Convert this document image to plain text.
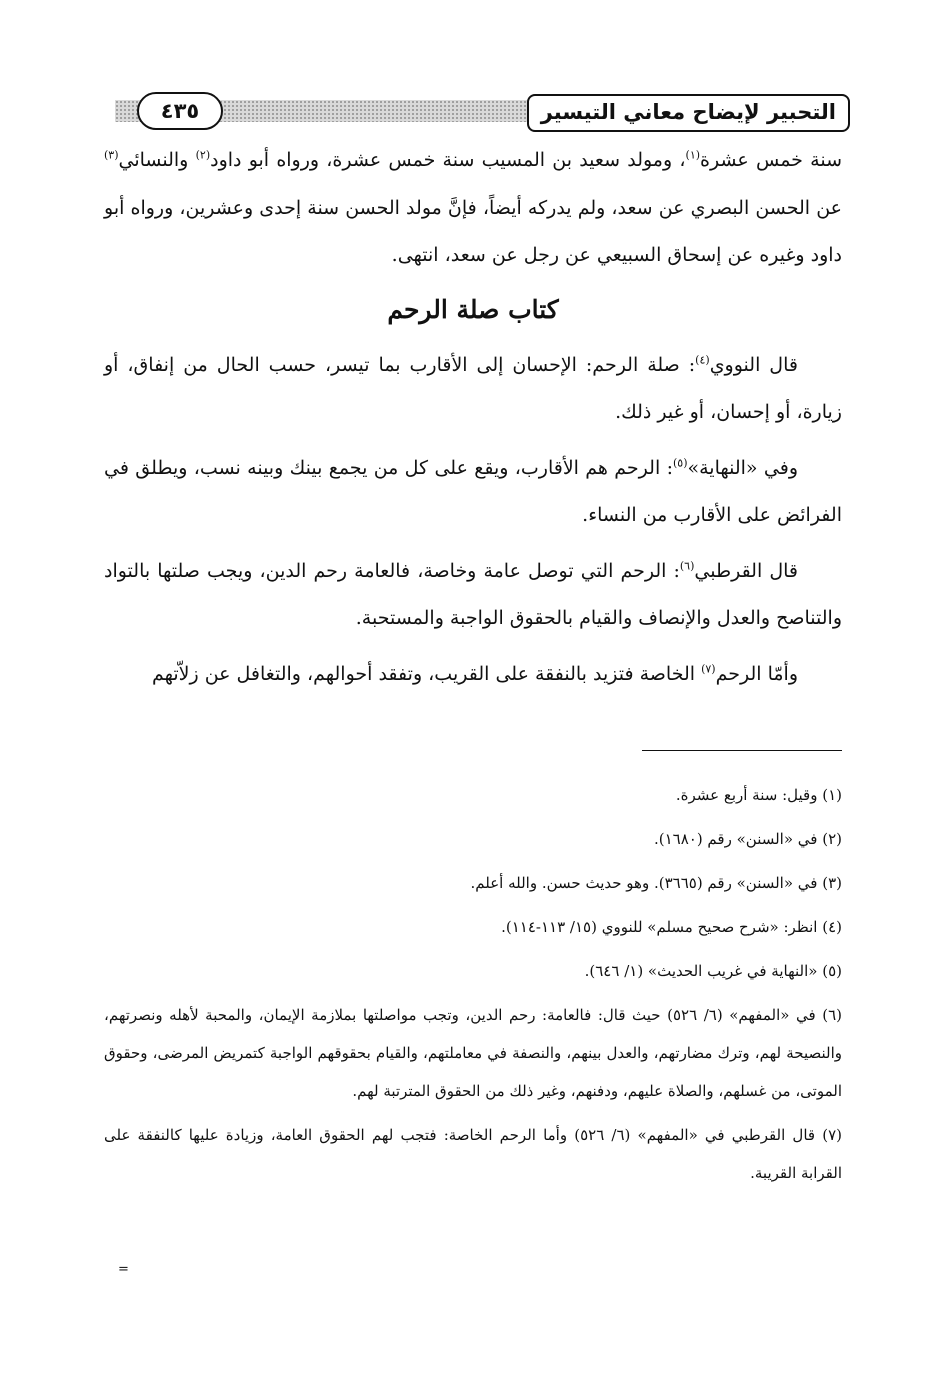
التحبير لإيضاح معاني التيسير
٤٣٥

سنة خمس عشرة$^{(١)}$، ومولد سعيد بن المسيب سنة خمس عشرة، ورواه أبو داود$^{(٢)}$ والنسائي$^{(٣)}$ عن الحسن البصري عن سعد، ولم يدركه أيضاً، فإنَّ مولد الحسن سنة إحدى وعشرين، ورواه أبو داود وغيره عن إسحاق السبيعي عن رجل عن سعد، انتهى.

كتاب صلة الرحم

قال النووي$^{(٤)}$: صلة الرحم: الإحسان إلى الأقارب بما تيسر، حسب الحال من إنفاق، أو زيارة، أو إحسان، أو غير ذلك.

وفي «النهاية»$^{(٥)}$: الرحم هم الأقارب، ويقع على كل من يجمع بينك وبينه نسب، ويطلق في الفرائض على الأقارب من النساء.

قال القرطبي$^{(٦)}$: الرحم التي توصل عامة وخاصة، فالعامة رحم الدين، ويجب صلتها بالتواد والتناصح والعدل والإنصاف والقيام بالحقوق الواجبة والمستحبة.

وأمّا الرحم$^{(٧)}$ الخاصة فتزيد بالنفقة على القريب، وتفقد أحوالهم، والتغافل عن زلاّتهم

(١) وقيل: سنة أربع عشرة.

(٢) في «السنن» رقم (١٦٨٠).

(٣) في «السنن» رقم (٣٦٦٥). وهو حديث حسن. والله أعلم.

(٤) انظر: «شرح صحيح مسلم» للنووي (١٥/ ١١٣-١١٤).

(٥) «النهاية في غريب الحديث» (١/ ٦٤٦).

(٦) في «المفهم» (٦/ ٥٢٦) حيث قال: فالعامة: رحم الدين، وتجب مواصلتها بملازمة الإيمان، والمحبة لأهله ونصرتهم، والنصيحة لهم، وترك مضارتهم، والعدل بينهم، والنصفة في معاملتهم، والقيام بحقوقهم الواجبة كتمريض المرضى، وحقوق الموتى، من غسلهم، والصلاة عليهم، ودفنهم، وغير ذلك من الحقوق المترتبة لهم.

(٧) قال القرطبي في «المفهم» (٦/ ٥٢٦) وأما الرحم الخاصة: فتجب لهم الحقوق العامة، وزيادة عليها كالنفقة على القرابة القريبة.

=
